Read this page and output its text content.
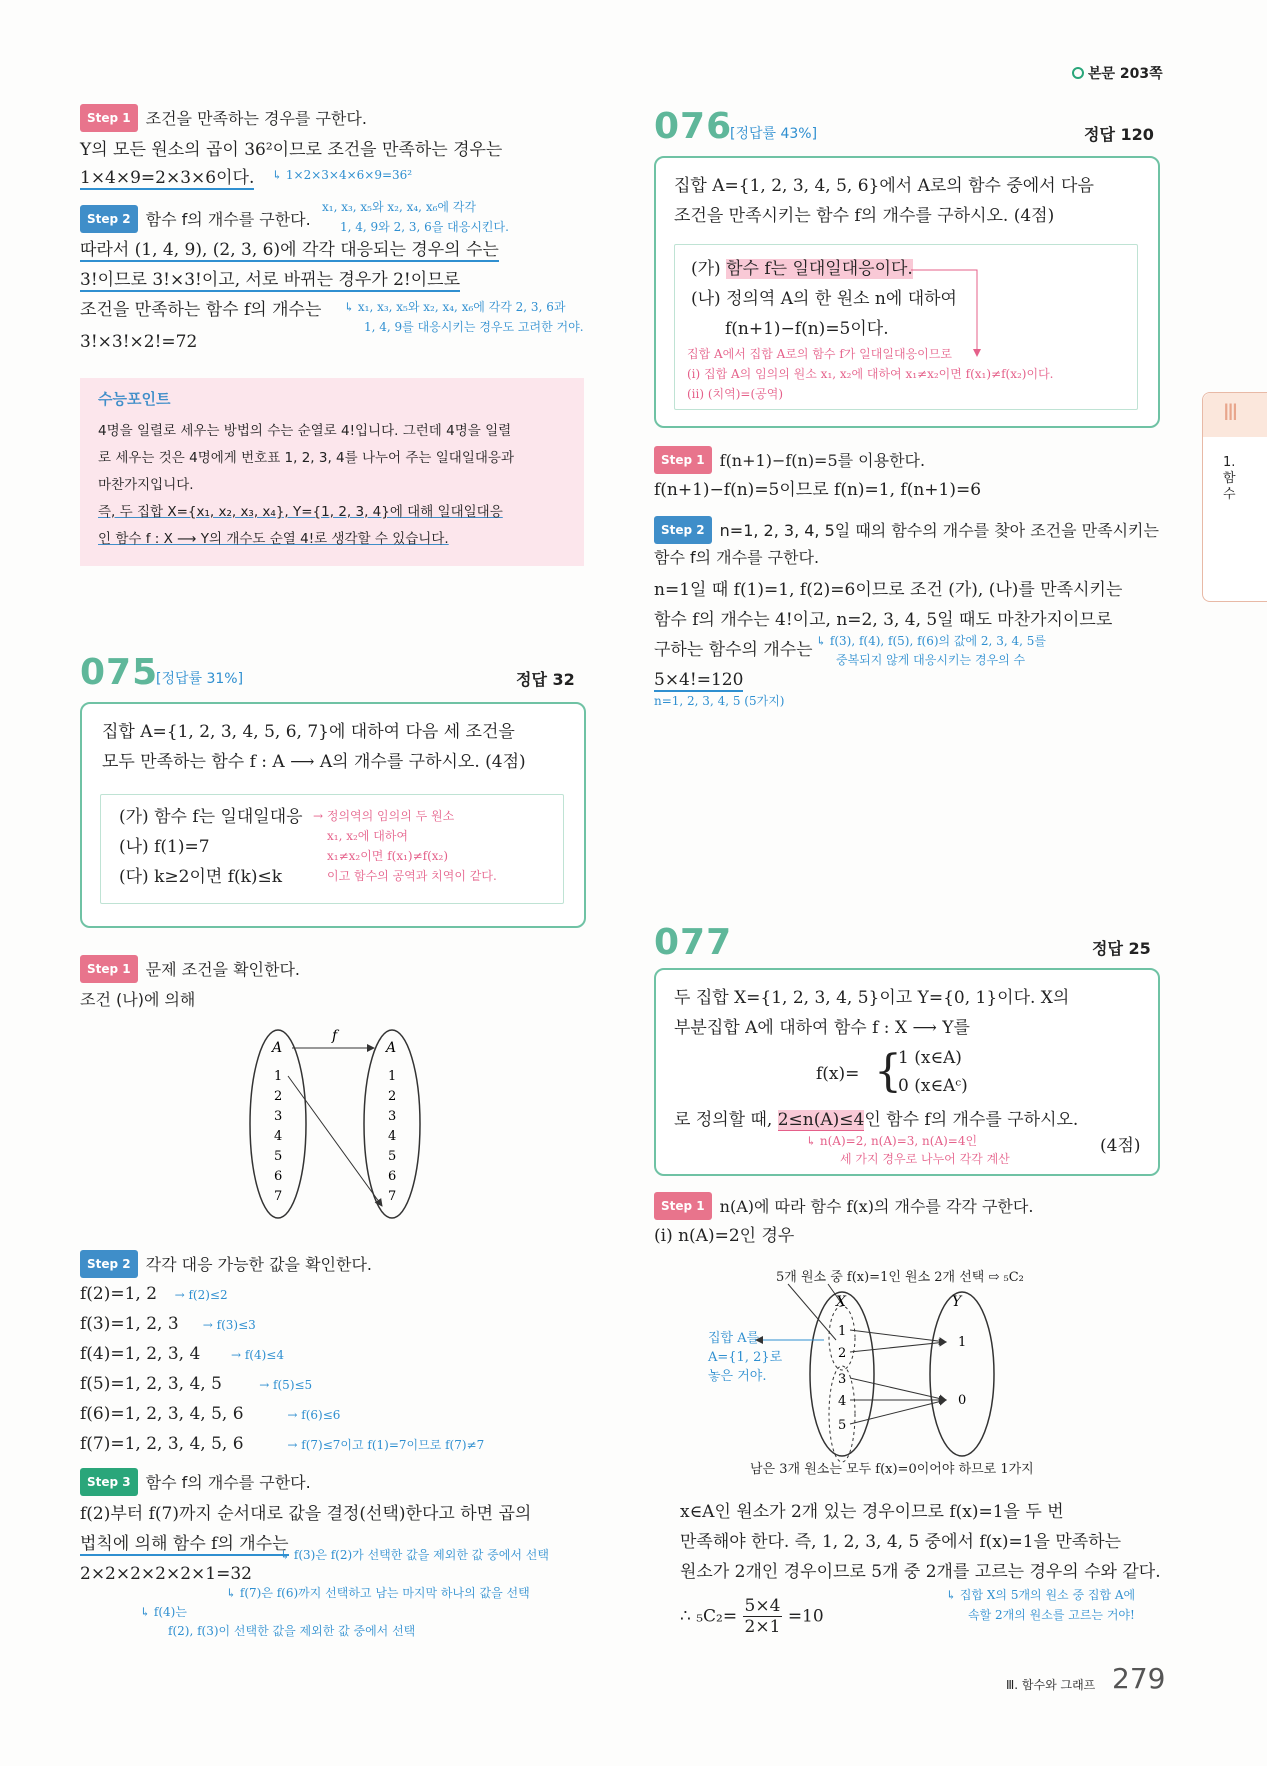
본문 203쪽
Step 1 조건을 만족하는 경우를 구한다.
Y의 모든 원소의 곱이 36²이므로 조건을 만족하는 경우는
1×4×9=2×3×6이다. ↳ 1×2×3×4×6×9=36²
Step 2 함수 f의 개수를 구한다.
x₁, x₃, x₅와 x₂, x₄, x₆에 각각
1, 4, 9와 2, 3, 6을 대응시킨다.
따라서 (1, 4, 9), (2, 3, 6)에 각각 대응되는 경우의 수는
3!이므로 3!×3!이고, 서로 바뀌는 경우가 2!이므로
조건을 만족하는 함수 f의 개수는 ↳ x₁, x₃, x₅와 x₂, x₄, x₆에 각각 2, 3, 6과
1, 4, 9를 대응시키는 경우도 고려한 거야.
3!×3!×2!=72
수능포인트
4명을 일렬로 세우는 방법의 수는 순열로 4!입니다. 그런데 4명을 일렬
로 세우는 것은 4명에게 번호표 1, 2, 3, 4를 나누어 주는 일대일대응과
마찬가지입니다.
즉, 두 집합 X={x₁, x₂, x₃, x₄}, Y={1, 2, 3, 4}에 대해 일대일대응
인 함수 f : X ⟶ Y의 개수도 순열 4!로 생각할 수 있습니다.
075
[정답률 31%]	정답 32
집합 A={1, 2, 3, 4, 5, 6, 7}에 대하여 다음 세 조건을
모두 만족하는 함수 f : A ⟶ A의 개수를 구하시오. (4점)
(가) 함수 f는 일대일대응
(나) f(1)=7
(다) k≥2이면 f(k)≤k
→ 정의역의 임의의 두 원소
x₁, x₂에 대하여
x₁≠x₂이면 f(x₁)≠f(x₂)
이고 함수의 공역과 치역이 같다.
Step 1 문제 조건을 확인한다.
조건 (나)에 의해
f
A	A
1	1
2	2
3	3
4	4
5	5
6	6
7	7
Step 2 각각 대응 가능한 값을 확인한다.
f(2)=1, 2 → f(2)≤2
f(3)=1, 2, 3 → f(3)≤3
f(4)=1, 2, 3, 4	→ f(4)≤4
f(5)=1, 2, 3, 4, 5	→ f(5)≤5
f(6)=1, 2, 3, 4, 5, 6	→ f(6)≤6
f(7)=1, 2, 3, 4, 5, 6	→ f(7)≤7이고 f(1)=7이므로 f(7)≠7
Step 3 함수 f의 개수를 구한다.
f(2)부터 f(7)까지 순서대로 값을 결정(선택)한다고 하면 곱의
법칙에 의해 함수 f의 개수는
↳ f(3)은 f(2)가 선택한 값을 제외한 값 중에서 선택
2×2×2×2×2×1=32
↳ f(7)은 f(6)까지 선택하고 남는 마지막 하나의 값을 선택
↳ f(4)는
f(2), f(3)이 선택한 값을 제외한 값 중에서 선택
076
[정답률 43%]	정답 120
집합 A={1, 2, 3, 4, 5, 6}에서 A로의 함수 중에서 다음
조건을 만족시키는 함수 f의 개수를 구하시오. (4점)
(가) 함수 f는 일대일대응이다.
(나) 정의역 A의 한 원소 n에 대하여
f(n+1)−f(n)=5이다.
집합 A에서 집합 A로의 함수 f가 일대일대응이므로
(i) 집합 A의 임의의 원소 x₁, x₂에 대하여 x₁≠x₂이면 f(x₁)≠f(x₂)이다.
(ii) (치역)=(공역)
Step 1 f(n+1)−f(n)=5를 이용한다.
f(n+1)−f(n)=5이므로 f(n)=1, f(n+1)=6
Step 2 n=1, 2, 3, 4, 5일 때의 함수의 개수를 찾아 조건을 만족시키는
함수 f의 개수를 구한다.
n=1일 때 f(1)=1, f(2)=6이므로 조건 (가), (나)를 만족시키는
함수 f의 개수는 4!이고, n=2, 3, 4, 5일 때도 마찬가지이므로
구하는 함수의 개수는 ↳ f(3), f(4), f(5), f(6)의 값에 2, 3, 4, 5를
중복되지 않게 대응시키는 경우의 수
5×4!=120
n=1, 2, 3, 4, 5 (5가지)
077	정답 25
두 집합 X={1, 2, 3, 4, 5}이고 Y={0, 1}이다. X의
부분집합 A에 대하여 함수 f : X ⟶ Y를
f(x)= {
1 (x∈A)
0 (x∈Aᶜ)
로 정의할 때, 2≤n(A)≤4인 함수 f의 개수를 구하시오.
↳ n(A)=2, n(A)=3, n(A)=4인
세 가지 경우로 나누어 각각 계산
(4점)
Step 1 n(A)에 따라 함수 f(x)의 개수를 각각 구한다.
(i) n(A)=2인 경우
5개 원소 중 f(x)=1인 원소 2개 선택 ⇨ ₅C₂
X	Y
1
2
3
4
5
1
0
집합 A를
A={1, 2}로
놓은 거야.
남은 3개 원소는 모두 f(x)=0이어야 하므로 1가지
x∈A인 원소가 2개 있는 경우이므로 f(x)=1을 두 번
만족해야 한다. 즉, 1, 2, 3, 4, 5 중에서 f(x)=1을 만족하는
원소가 2개인 경우이므로 5개 중 2개를 고르는 경우의 수와 같다.
∴ $_5C_2= \frac{5\times 4}{2\times 1} =10$
↳ 집합 X의 5개의 원소 중 집합 A에
속할 2개의 원소를 고르는 거야!
Ⅲ
1. 함수
Ⅲ. 함수와 그래프 279
